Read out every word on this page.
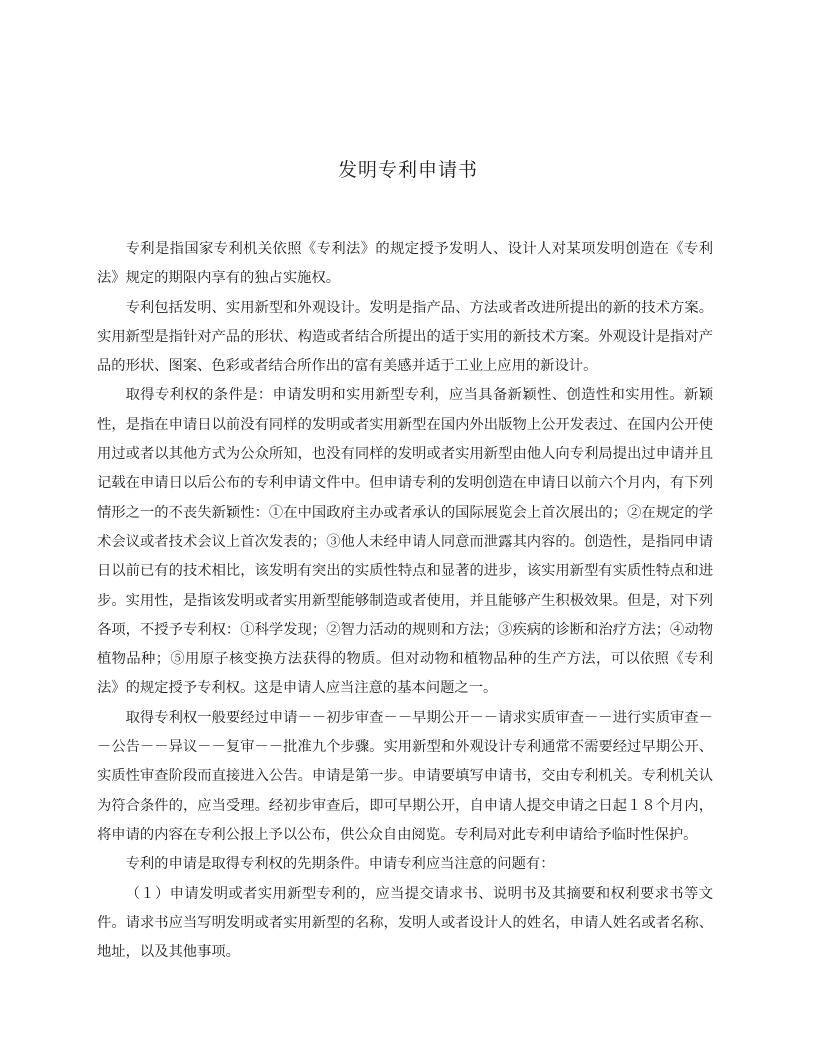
发明专利申请书

专利是指国家专利机关依照《专利法》的规定授予发明人、设计人对某项发明创造在《专利法》规定的期限内享有的独占实施权。

专利包括发明、实用新型和外观设计。发明是指产品、方法或者改进所提出的新的技术方案。实用新型是指针对产品的形状、构造或者结合所提出的适于实用的新技术方案。外观设计是指对产品的形状、图案、色彩或者结合所作出的富有美感并适于工业上应用的新设计。

取得专利权的条件是：申请发明和实用新型专利，应当具备新颖性、创造性和实用性。新颖性，是指在申请日以前没有同样的发明或者实用新型在国内外出版物上公开发表过、在国内公开使用过或者以其他方式为公众所知，也没有同样的发明或者实用新型由他人向专利局提出过申请并且记载在申请日以后公布的专利申请文件中。但申请专利的发明创造在申请日以前六个月内，有下列情形之一的不丧失新颖性：①在中国政府主办或者承认的国际展览会上首次展出的；②在规定的学术会议或者技术会议上首次发表的；③他人未经申请人同意而泄露其内容的。创造性，是指同申请日以前已有的技术相比，该发明有突出的实质性特点和显著的进步，该实用新型有实质性特点和进步。实用性，是指该发明或者实用新型能够制造或者使用，并且能够产生积极效果。但是，对下列各项，不授予专利权：①科学发现；②智力活动的规则和方法；③疾病的诊断和治疗方法；④动物植物品种；⑤用原子核变换方法获得的物质。但对动物和植物品种的生产方法，可以依照《专利法》的规定授予专利权。这是申请人应当注意的基本问题之一。

取得专利权一般要经过申请－－初步审查－－早期公开－－请求实质审查－－进行实质审查－－公告－－异议－－复审－－批准九个步骤。实用新型和外观设计专利通常不需要经过早期公开、实质性审查阶段而直接进入公告。申请是第一步。申请要填写申请书，交由专利机关。专利机关认为符合条件的，应当受理。经初步审查后，即可早期公开，自申请人提交申请之日起１８个月内，将申请的内容在专利公报上予以公布，供公众自由阅览。专利局对此专利申请给予临时性保护。

专利的申请是取得专利权的先期条件。申请专利应当注意的问题有：

（１）申请发明或者实用新型专利的，应当提交请求书、说明书及其摘要和权利要求书等文件。请求书应当写明发明或者实用新型的名称，发明人或者设计人的姓名，申请人姓名或者名称、地址，以及其他事项。
